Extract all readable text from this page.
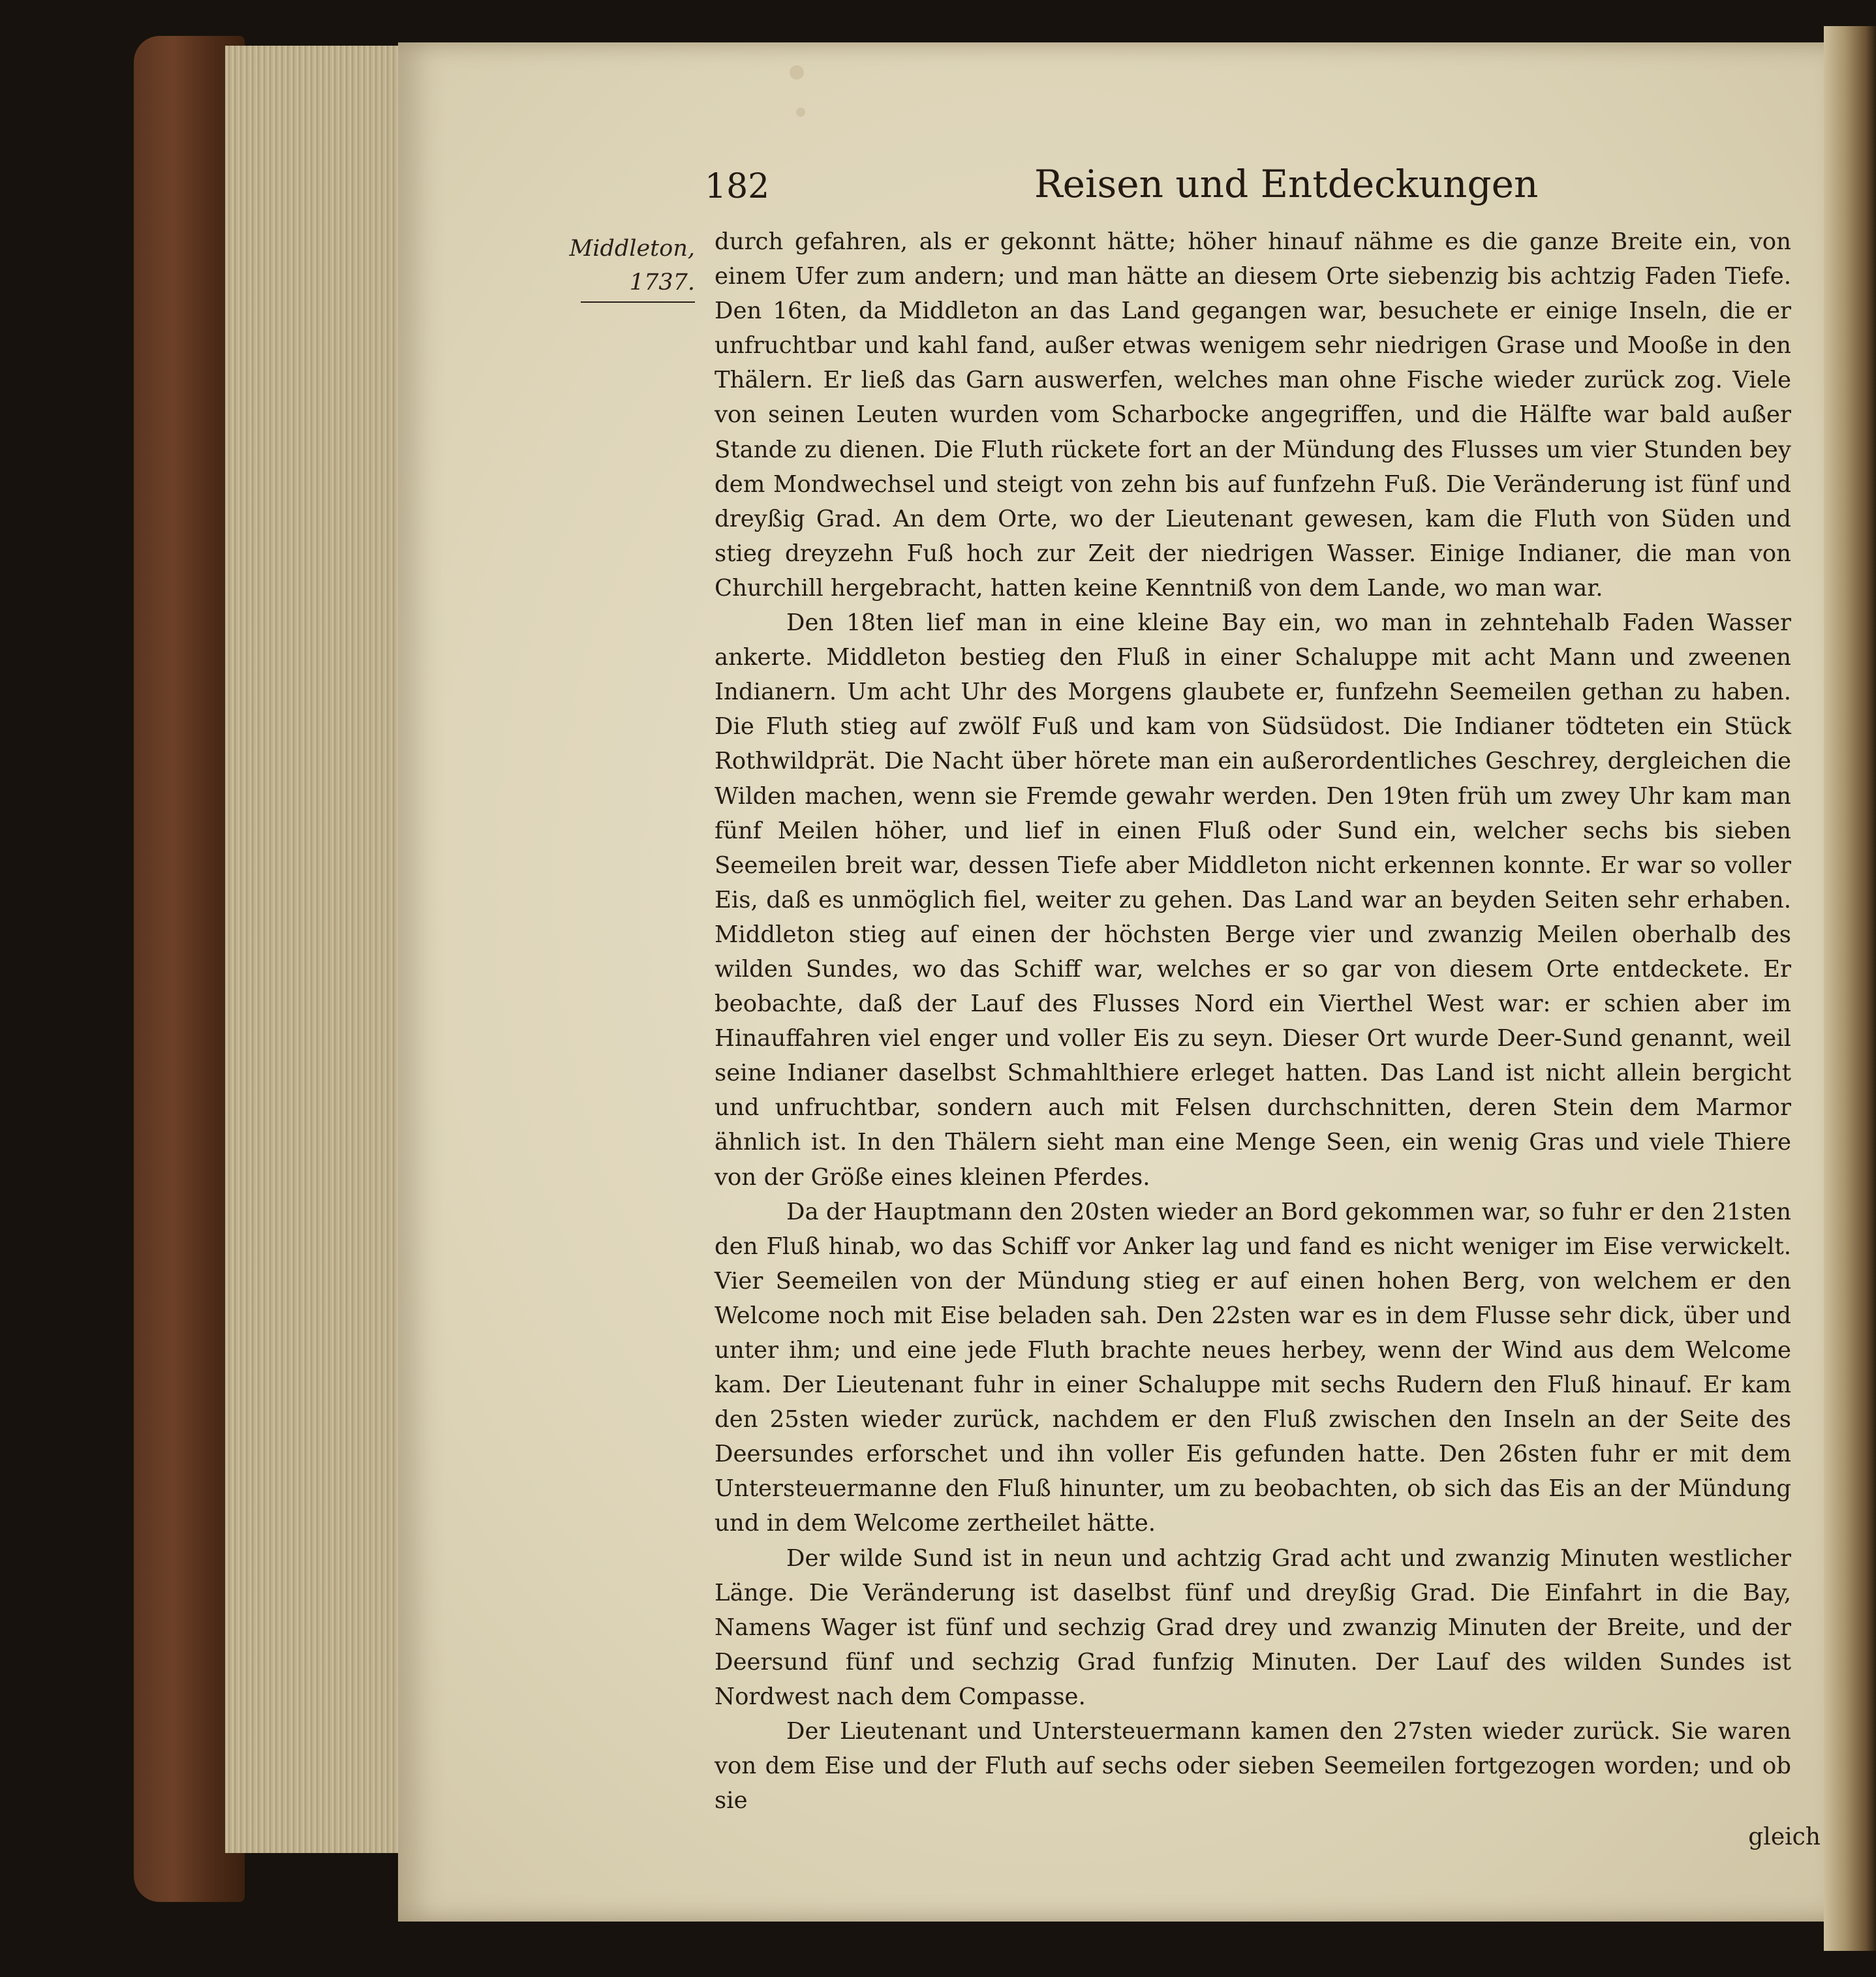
182	Reisen und Entdeckungen
Middleton,
1737.

durch gefahren, als er gekonnt hätte; höher hinauf nähme es die ganze Breite ein, von einem Ufer zum andern; und man hätte an diesem Orte siebenzig bis achtzig Faden Tiefe. Den 16ten, da Middleton an das Land gegangen war, besuchete er einige Inseln, die er unfruchtbar und kahl fand, außer etwas wenigem sehr niedrigen Grase und Mooße in den Thälern. Er ließ das Garn auswerfen, welches man ohne Fische wieder zurück zog. Viele von seinen Leuten wurden vom Scharbocke angegriffen, und die Hälfte war bald außer Stande zu dienen. Die Fluth rückete fort an der Mündung des Flusses um vier Stunden bey dem Mondwechsel und steigt von zehn bis auf funfzehn Fuß. Die Veränderung ist fünf und dreyßig Grad. An dem Orte, wo der Lieutenant gewesen, kam die Fluth von Süden und stieg dreyzehn Fuß hoch zur Zeit der niedrigen Wasser. Einige Indianer, die man von Churchill hergebracht, hatten keine Kenntniß von dem Lande, wo man war.

Den 18ten lief man in eine kleine Bay ein, wo man in zehntehalb Faden Wasser ankerte. Middleton bestieg den Fluß in einer Schaluppe mit acht Mann und zweenen Indianern. Um acht Uhr des Morgens glaubete er, funfzehn Seemeilen gethan zu haben. Die Fluth stieg auf zwölf Fuß und kam von Südsüdost. Die Indianer tödteten ein Stück Rothwildprät. Die Nacht über hörete man ein außerordentliches Geschrey, dergleichen die Wilden machen, wenn sie Fremde gewahr werden. Den 19ten früh um zwey Uhr kam man fünf Meilen höher, und lief in einen Fluß oder Sund ein, welcher sechs bis sieben Seemeilen breit war, dessen Tiefe aber Middleton nicht erkennen konnte. Er war so voller Eis, daß es unmöglich fiel, weiter zu gehen. Das Land war an beyden Seiten sehr erhaben. Middleton stieg auf einen der höchsten Berge vier und zwanzig Meilen oberhalb des wilden Sundes, wo das Schiff war, welches er so gar von diesem Orte entdeckete. Er beobachte, daß der Lauf des Flusses Nord ein Vierthel West war: er schien aber im Hinauffahren viel enger und voller Eis zu seyn. Dieser Ort wurde Deer-Sund genannt, weil seine Indianer daselbst Schmahlthiere erleget hatten. Das Land ist nicht allein bergicht und unfruchtbar, sondern auch mit Felsen durchschnitten, deren Stein dem Marmor ähnlich ist. In den Thälern sieht man eine Menge Seen, ein wenig Gras und viele Thiere von der Größe eines kleinen Pferdes.

Da der Hauptmann den 20sten wieder an Bord gekommen war, so fuhr er den 21sten den Fluß hinab, wo das Schiff vor Anker lag und fand es nicht weniger im Eise verwickelt. Vier Seemeilen von der Mündung stieg er auf einen hohen Berg, von welchem er den Welcome noch mit Eise beladen sah. Den 22sten war es in dem Flusse sehr dick, über und unter ihm; und eine jede Fluth brachte neues herbey, wenn der Wind aus dem Welcome kam. Der Lieutenant fuhr in einer Schaluppe mit sechs Rudern den Fluß hinauf. Er kam den 25sten wieder zurück, nachdem er den Fluß zwischen den Inseln an der Seite des Deersundes erforschet und ihn voller Eis gefunden hatte. Den 26sten fuhr er mit dem Untersteuermanne den Fluß hinunter, um zu beobachten, ob sich das Eis an der Mündung und in dem Welcome zertheilet hätte.

Der wilde Sund ist in neun und achtzig Grad acht und zwanzig Minuten westlicher Länge. Die Veränderung ist daselbst fünf und dreyßig Grad. Die Einfahrt in die Bay, Namens Wager ist fünf und sechzig Grad drey und zwanzig Minuten der Breite, und der Deersund fünf und sechzig Grad funfzig Minuten. Der Lauf des wilden Sundes ist Nordwest nach dem Compasse.

Der Lieutenant und Untersteuermann kamen den 27sten wieder zurück. Sie waren von dem Eise und der Fluth auf sechs oder sieben Seemeilen fortgezogen worden; und ob sie

gleich
